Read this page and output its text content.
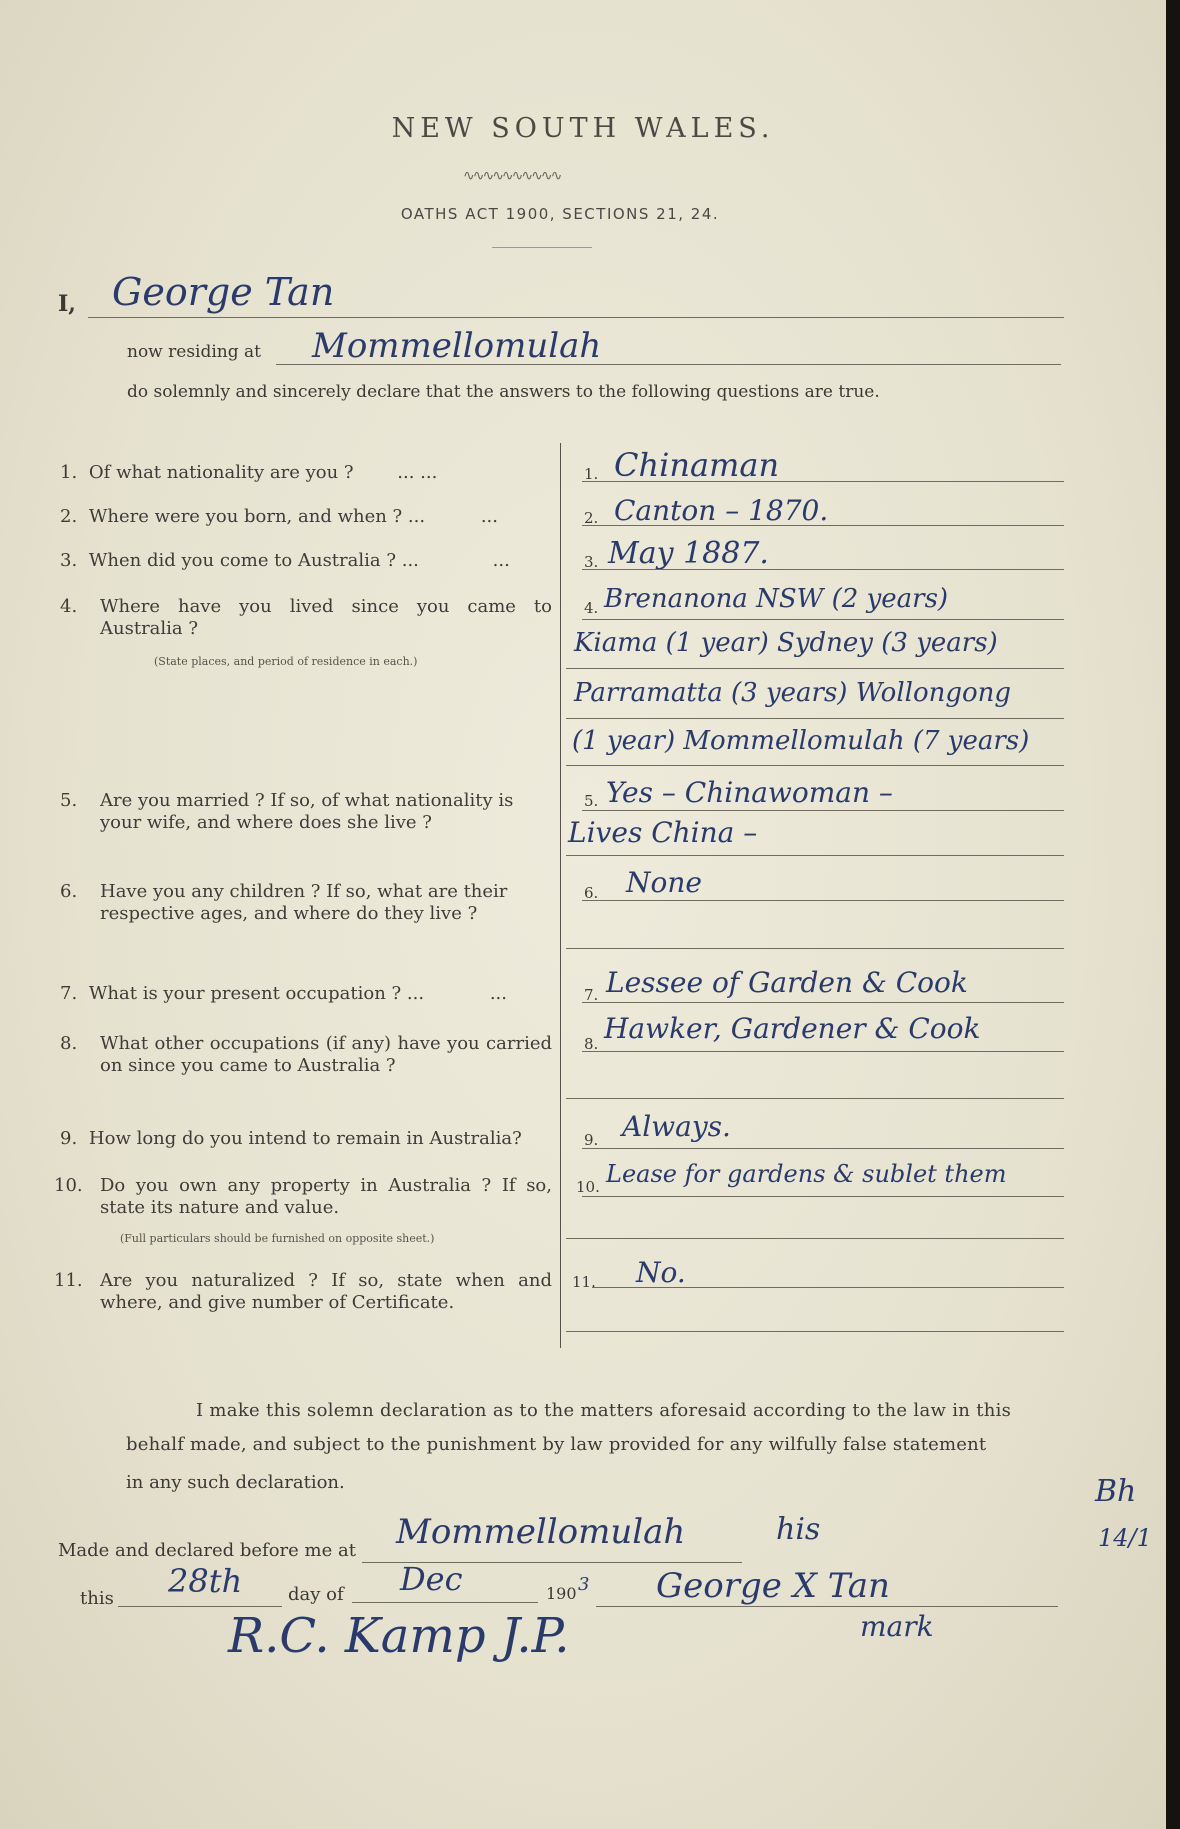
NEW SOUTH WALES.
∿∿∿∿∿∿∿∿∿∿
OATHS ACT 1900, SECTIONS 21, 24.
I, George Tan
now residing at Mommellomulah
do solemnly and sincerely declare that the answers to the following questions are true.
1. Of what nationality are you ? ... ...	1. Chinaman
2. Where were you born, and when ? ...	...	2. Canton – 1870.
3. When did you come to Australia ? ...	...	3. May 1887.
4.	Where have you lived since you came to Australia ?
(State places, and period of residence in each.)
4. Brenanona NSW (2 years)
Kiama (1 year) Sydney (3 years)
Parramatta (3 years) Wollongong
(1 year) Mommellomulah (7 years)
5.	Are you married ? If so, of what nationality is your wife, and where does she live ?
5. Yes – Chinawoman –
Lives China –
6.	Have you any children ? If so, what are their respective ages, and where do they live ?
6. None
7. What is your present occupation ? ...	...	7. Lessee of Garden & Cook
8.	What other occupations (if any) have you carried on since you came to Australia ?
8. Hawker, Gardener & Cook
9. How long do you intend to remain in Australia?	9. Always.
10. Do you own any property in Australia ? If so, state its nature and value.
(Full particulars should be furnished on opposite sheet.)
10. Lease for gardens & sublet them
11. Are you naturalized ? If so, state when and where, and give number of Certificate.
11. No.
I make this solemn declaration as to the matters aforesaid according to the law in this
behalf made, and subject to the punishment by law provided for any wilfully false statement
in any such declaration.	Bh
14/1
Made and declared before me at Mommellomulah	his
this 28th	day of Dec	190 3 George X Tan
mark
R.C. Kamp J.P.
